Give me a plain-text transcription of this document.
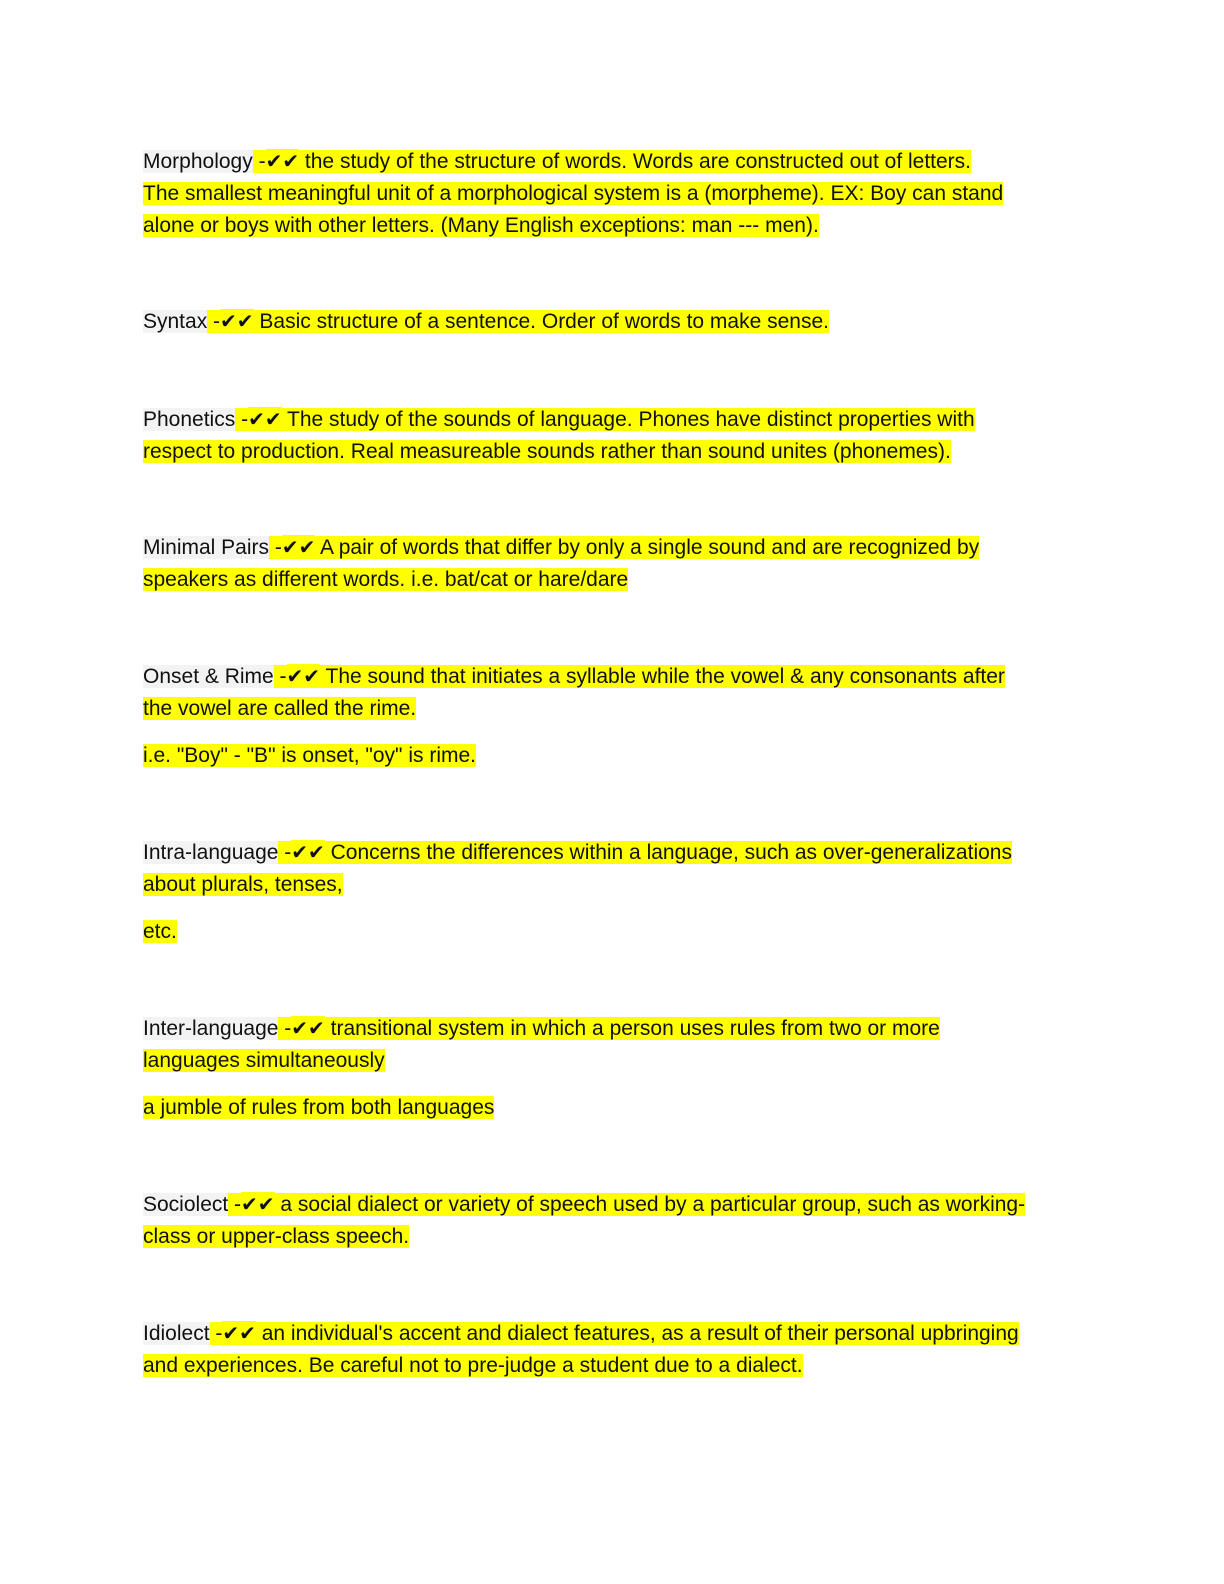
Morphology -✔✔ the study of the structure of words. Words are constructed out of letters.
The smallest meaningful unit of a morphological system is a (morpheme). EX: Boy can stand
alone or boys with other letters. (Many English exceptions: man --- men).
Syntax -✔✔ Basic structure of a sentence. Order of words to make sense.
Phonetics -✔✔ The study of the sounds of language. Phones have distinct properties with
respect to production. Real measureable sounds rather than sound unites (phonemes).
Minimal Pairs -✔✔ A pair of words that differ by only a single sound and are recognized by
speakers as different words. i.e. bat/cat or hare/dare
Onset & Rime -✔✔ The sound that initiates a syllable while the vowel & any consonants after
the vowel are called the rime.
i.e. "Boy" - "B" is onset, "oy" is rime.
Intra-language -✔✔ Concerns the differences within a language, such as over-generalizations
about plurals, tenses,
etc.
Inter-language -✔✔ transitional system in which a person uses rules from two or more
languages simultaneously
a jumble of rules from both languages
Sociolect -✔✔ a social dialect or variety of speech used by a particular group, such as working-
class or upper-class speech.
Idiolect -✔✔ an individual's accent and dialect features, as a result of their personal upbringing
and experiences. Be careful not to pre-judge a student due to a dialect.
